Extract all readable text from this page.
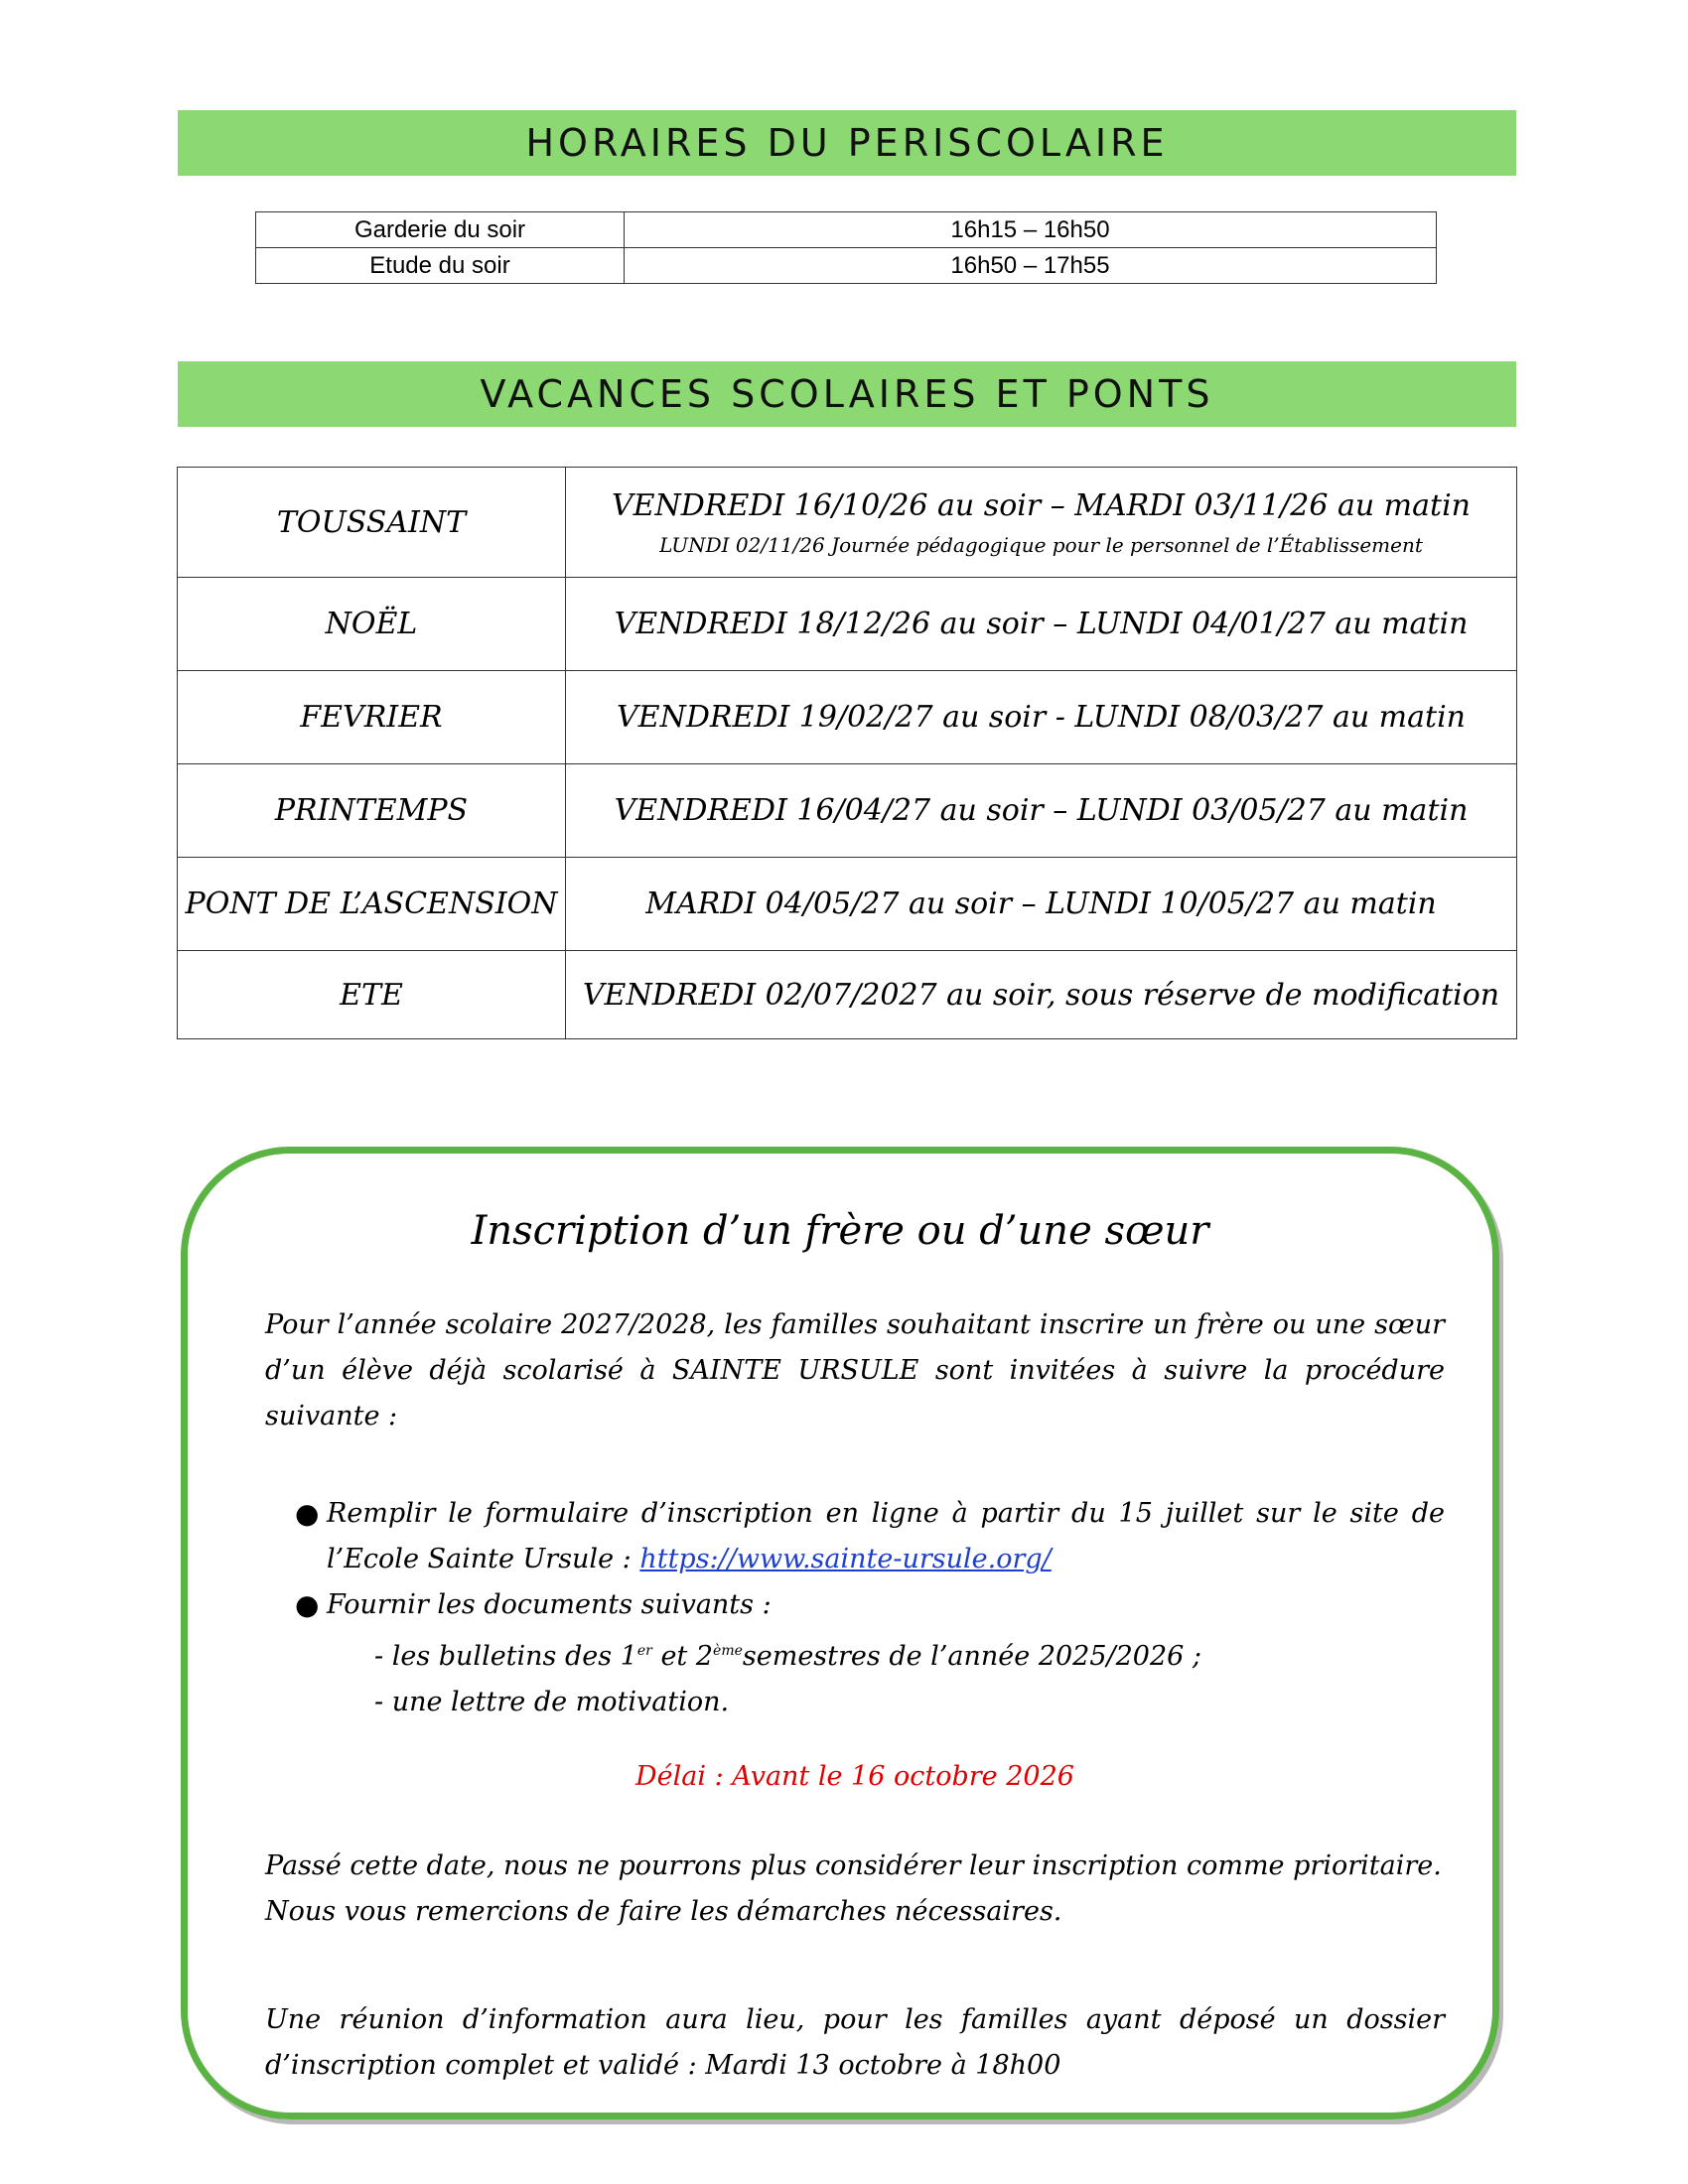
HORAIRES DU PERISCOLAIRE
Garderie du soir	16h15 – 16h50
Etude du soir	16h50 – 17h55
VACANCES SCOLAIRES ET PONTS
TOUSSAINT	VENDREDI 16/10/26 au soir – MARDI 03/11/26 au matin
LUNDI 02/11/26 Journée pédagogique pour le personnel de l’Établissement

NOËL	VENDREDI 18/12/26 au soir – LUNDI 04/01/27 au matin
FEVRIER	VENDREDI 19/02/27 au soir - LUNDI 08/03/27 au matin
PRINTEMPS	VENDREDI 16/04/27 au soir – LUNDI 03/05/27 au matin
PONT DE L’ASCENSION	MARDI 04/05/27 au soir – LUNDI 10/05/27 au matin
ETE	VENDREDI 02/07/2027 au soir, sous réserve de modification
Inscription d’un frère ou d’une sœur
Pour l’année scolaire 2027/2028, les familles souhaitant inscrire un frère ou une sœur d’un élève déjà scolarisé à SAINTE URSULE sont invitées à suivre la procédure suivante :
● Remplir le formulaire d’inscription en ligne à partir du 15 juillet sur le site de l’Ecole Sainte Ursule : https://www.sainte-ursule.org/
● Fournir les documents suivants :
- les bulletins des 1er et 2èmesemestres de l’année 2025/2026 ;
- une lettre de motivation.
Délai : Avant le 16 octobre 2026
Passé cette date, nous ne pourrons plus considérer leur inscription comme prioritaire.
Nous vous remercions de faire les démarches nécessaires.
Une réunion d’information aura lieu, pour les familles ayant déposé un dossier d’inscription complet et validé : Mardi 13 octobre à 18h00
